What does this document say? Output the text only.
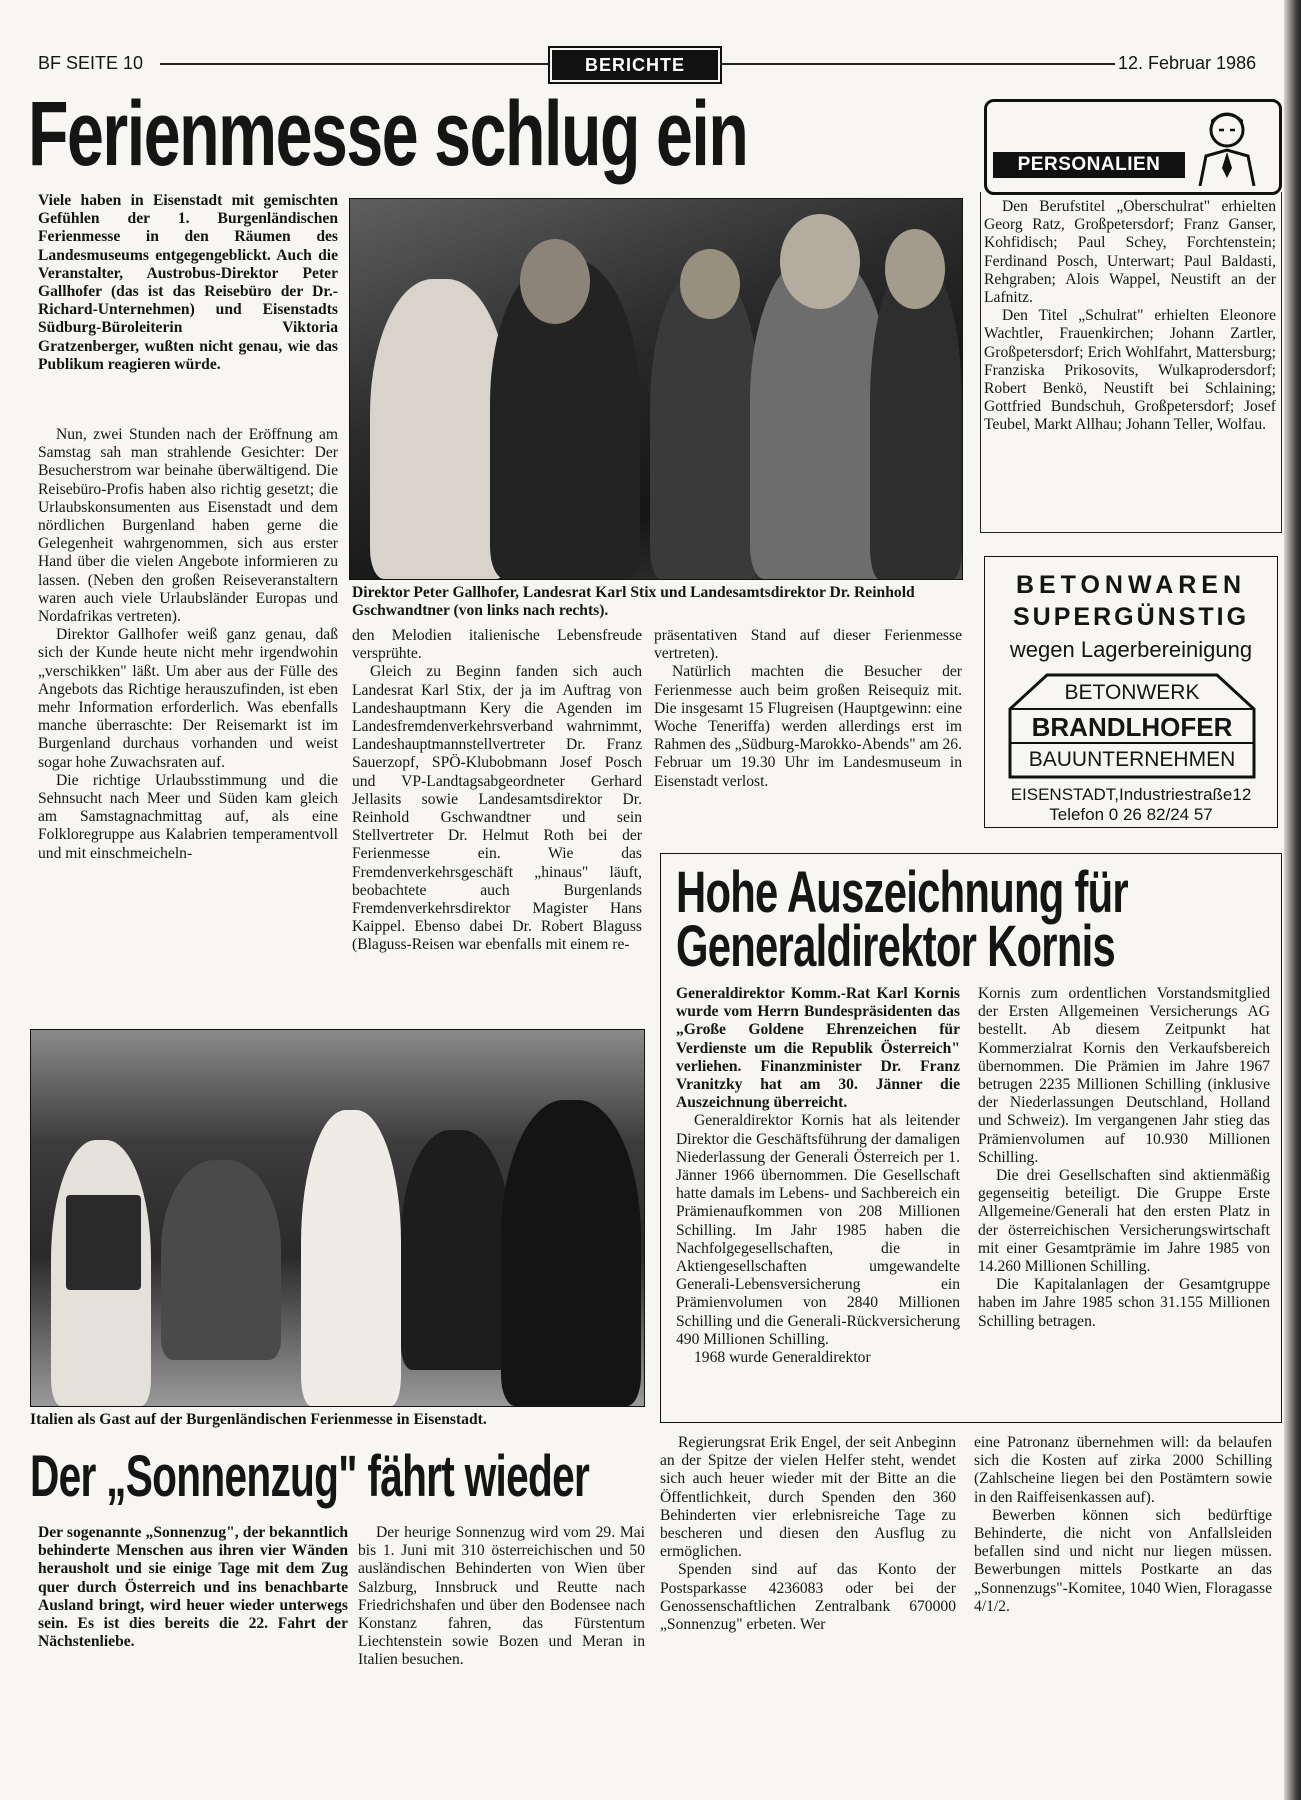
BF SEITE 10	BERICHTE	12. Februar 1986
Ferienmesse schlug ein

Viele haben in Eisenstadt mit gemischten Gefühlen der 1. Burgenländischen Ferienmesse in den Räumen des Landesmuseums entgegengeblickt. Auch die Veranstalter, Austrobus-Direktor Peter Gallhofer (das ist das Reisebüro der Dr.-Richard-Unternehmen) und Eisenstadts Südburg-Büroleiterin Viktoria Gratzenberger, wußten nicht genau, wie das Publikum reagieren würde.

Direktor Peter Gallhofer, Landesrat Karl Stix und Landesamtsdirektor Dr. Reinhold Gschwandtner (von links nach rechts).

Nun, zwei Stunden nach der Eröffnung am Samstag sah man strahlende Gesichter: Der Besucherstrom war beinahe überwältigend. Die Reisebüro-Profis haben also richtig gesetzt; die Urlaubskonsumenten aus Eisenstadt und dem nördlichen Burgenland haben gerne die Gelegenheit wahrgenommen, sich aus erster Hand über die vielen Angebote informieren zu lassen. (Neben den großen Reiseveranstaltern waren auch viele Urlaubsländer Europas und Nordafrikas vertreten).

Direktor Gallhofer weiß ganz genau, daß sich der Kunde heute nicht mehr irgendwohin „verschikken" läßt. Um aber aus der Fülle des Angebots das Richtige herauszufinden, ist eben mehr Information erforderlich. Was ebenfalls manche überraschte: Der Reisemarkt ist im Burgenland durchaus vorhanden und weist sogar hohe Zuwachsraten auf.

Die richtige Urlaubsstimmung und die Sehnsucht nach Meer und Süden kam gleich am Samstagnachmittag auf, als eine Folkloregruppe aus Kalabrien temperamentvoll und mit einschmeicheln-

den Melodien italienische Lebensfreude versprühte.

Gleich zu Beginn fanden sich auch Landesrat Karl Stix, der ja im Auftrag von Landeshauptmann Kery die Agenden im Landesfremdenverkehrsverband wahrnimmt, Landeshauptmannstellvertreter Dr. Franz Sauerzopf, SPÖ-Klubobmann Josef Posch und VP-Landtagsabgeordneter Gerhard Jellasits sowie Landesamtsdirektor Dr. Reinhold Gschwandtner und sein Stellvertreter Dr. Helmut Roth bei der Ferienmesse ein. Wie das Fremdenverkehrsgeschäft „hinaus" läuft, beobachtete auch Burgenlands Fremdenverkehrsdirektor Magister Hans Kaippel. Ebenso dabei Dr. Robert Blaguss (Blaguss-Reisen war ebenfalls mit einem re-

präsentativen Stand auf dieser Ferienmesse vertreten).

Natürlich machten die Besucher der Ferienmesse auch beim großen Reisequiz mit. Die insgesamt 15 Flugreisen (Hauptgewinn: eine Woche Teneriffa) werden allerdings erst im Rahmen des „Südburg-Marokko-Abends" am 26. Februar um 19.30 Uhr im Landesmuseum in Eisenstadt verlost.

Italien als Gast auf der Burgenländischen Ferienmesse in Eisenstadt.
PERSONALIEN

Den Berufstitel „Oberschulrat" erhielten Georg Ratz, Großpetersdorf; Franz Ganser, Kohfidisch; Paul Schey, Forchtenstein; Ferdinand Posch, Unterwart; Paul Baldasti, Rehgraben; Alois Wappel, Neustift an der Lafnitz.

Den Titel „Schulrat" erhielten Eleonore Wachtler, Frauenkirchen; Johann Zartler, Großpetersdorf; Erich Wohlfahrt, Mattersburg; Franziska Prikosovits, Wulkaprodersdorf; Robert Benkö, Neustift bei Schlaining; Gottfried Bundschuh, Großpetersdorf; Josef Teubel, Markt Allhau; Johann Teller, Wolfau.

BETONWAREN
SUPERGÜNSTIG
wegen Lagerbereinigung
BETONWERK
BRANDLHOFER
BAUUNTERNEHMEN
EISENSTADT,Industriestraße12
Telefon 0 26 82/24 57
Hohe Auszeichnung für
Generaldirektor Kornis

Generaldirektor Komm.-Rat Karl Kornis wurde vom Herrn Bundespräsidenten das „Große Goldene Ehrenzeichen für Verdienste um die Republik Österreich" verliehen. Finanzminister Dr. Franz Vranitzky hat am 30. Jänner die Auszeichnung überreicht.

Generaldirektor Kornis hat als leitender Direktor die Geschäftsführung der damaligen Niederlassung der Generali Österreich per 1. Jänner 1966 übernommen. Die Gesellschaft hatte damals im Lebens- und Sachbereich ein Prämienaufkommen von 208 Millionen Schilling. Im Jahr 1985 haben die Nachfolgegesellschaften, die in Aktiengesellschaften umgewandelte Generali-Lebensversicherung ein Prämienvolumen von 2840 Millionen Schilling und die Generali-Rückversicherung 490 Millionen Schilling.

1968 wurde Generaldirektor

Kornis zum ordentlichen Vorstandsmitglied der Ersten Allgemeinen Versicherungs AG bestellt. Ab diesem Zeitpunkt hat Kommerzialrat Kornis den Verkaufsbereich übernommen. Die Prämien im Jahre 1967 betrugen 2235 Millionen Schilling (inklusive der Niederlassungen Deutschland, Holland und Schweiz). Im vergangenen Jahr stieg das Prämienvolumen auf 10.930 Millionen Schilling.

Die drei Gesellschaften sind aktienmäßig gegenseitig beteiligt. Die Gruppe Erste Allgemeine/Generali hat den ersten Platz in der österreichischen Versicherungswirtschaft mit einer Gesamtprämie im Jahre 1985 von 14.260 Millionen Schilling.

Die Kapitalanlagen der Gesamtgruppe haben im Jahre 1985 schon 31.155 Millionen Schilling betragen.

Der „Sonnenzug" fährt wieder

Der sogenannte „Sonnenzug", der bekanntlich behinderte Menschen aus ihren vier Wänden herausholt und sie einige Tage mit dem Zug quer durch Österreich und ins benachbarte Ausland bringt, wird heuer wieder unterwegs sein. Es ist dies bereits die 22. Fahrt der Nächstenliebe.

Der heurige Sonnenzug wird vom 29. Mai bis 1. Juni mit 310 österreichischen und 50 ausländischen Behinderten von Wien über Salzburg, Innsbruck und Reutte nach Friedrichshafen und über den Bodensee nach Konstanz fahren, das Fürstentum Liechtenstein sowie Bozen und Meran in Italien besuchen.

Regierungsrat Erik Engel, der seit Anbeginn an der Spitze der vielen Helfer steht, wendet sich auch heuer wieder mit der Bitte an die Öffentlichkeit, durch Spenden den 360 Behinderten vier erlebnisreiche Tage zu bescheren und diesen den Ausflug zu ermöglichen.

Spenden sind auf das Konto der Postsparkasse 4236083 oder bei der Genossenschaftlichen Zentralbank 670000 „Sonnenzug" erbeten. Wer

eine Patronanz übernehmen will: da belaufen sich die Kosten auf zirka 2000 Schilling (Zahlscheine liegen bei den Postämtern sowie in den Raiffeisenkassen auf).

Bewerben können sich bedürftige Behinderte, die nicht von Anfallsleiden befallen sind und nicht nur liegen müssen. Bewerbungen mittels Postkarte an das „Sonnenzugs"-Komitee, 1040 Wien, Floragasse 4/1/2.
